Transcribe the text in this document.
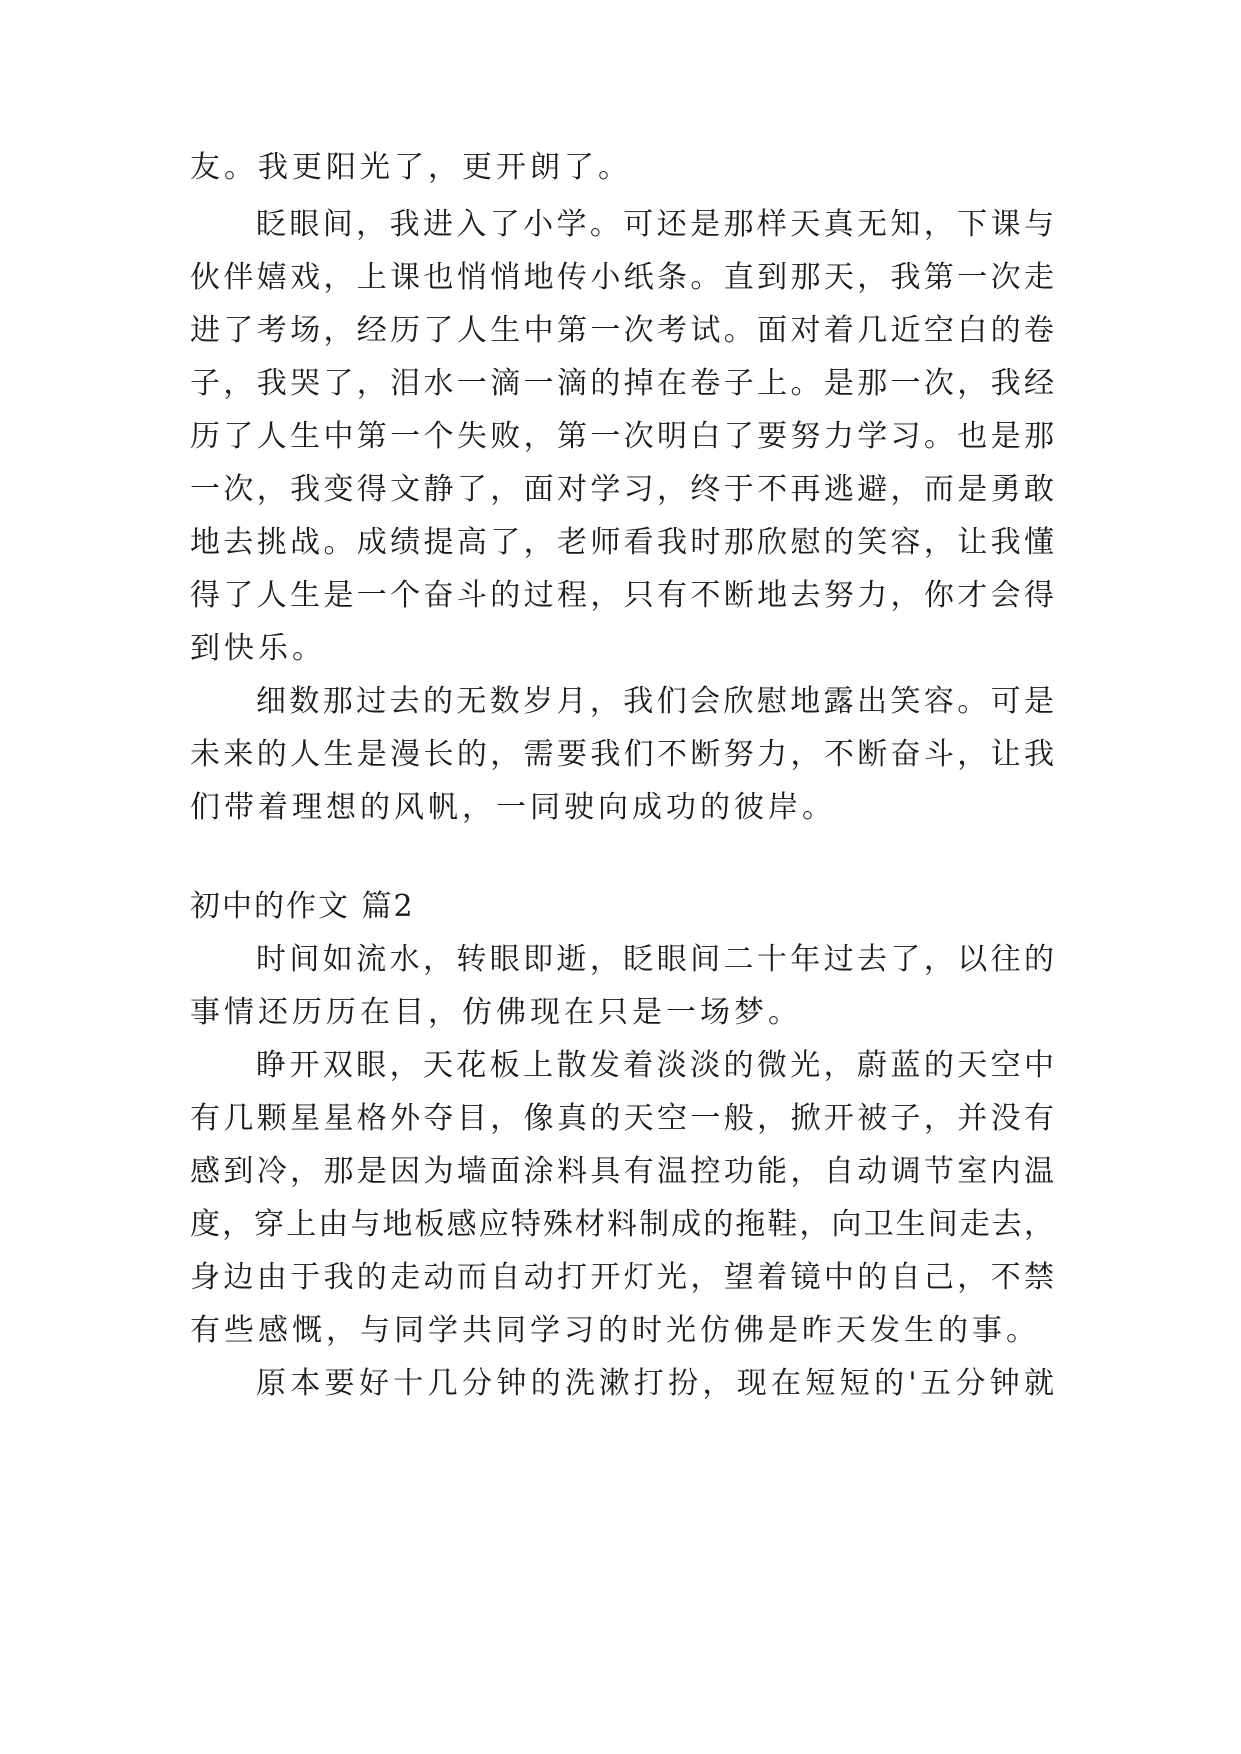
友。我更阳光了，更开朗了。
眨眼间，我进入了小学。可还是那样天真无知，下课与
伙伴嬉戏，上课也悄悄地传小纸条。直到那天，我第一次走
进了考场，经历了人生中第一次考试。面对着几近空白的卷
子，我哭了，泪水一滴一滴的掉在卷子上。是那一次，我经
历了人生中第一个失败，第一次明白了要努力学习。也是那
一次，我变得文静了，面对学习，终于不再逃避，而是勇敢
地去挑战。成绩提高了，老师看我时那欣慰的笑容，让我懂
得了人生是一个奋斗的过程，只有不断地去努力，你才会得
到快乐。
细数那过去的无数岁月，我们会欣慰地露出笑容。可是
未来的人生是漫长的，需要我们不断努力，不断奋斗，让我
们带着理想的风帆，一同驶向成功的彼岸。
初中的作文 篇2
时间如流水，转眼即逝，眨眼间二十年过去了，以往的
事情还历历在目，仿佛现在只是一场梦。
睁开双眼，天花板上散发着淡淡的微光，蔚蓝的天空中
有几颗星星格外夺目，像真的天空一般，掀开被子，并没有
感到冷，那是因为墙面涂料具有温控功能，自动调节室内温
度，穿上由与地板感应特殊材料制成的拖鞋，向卫生间走去，
身边由于我的走动而自动打开灯光，望着镜中的自己，不禁
有些感慨，与同学共同学习的时光仿佛是昨天发生的事。
原本要好十几分钟的洗漱打扮，现在短短的'五分钟就
